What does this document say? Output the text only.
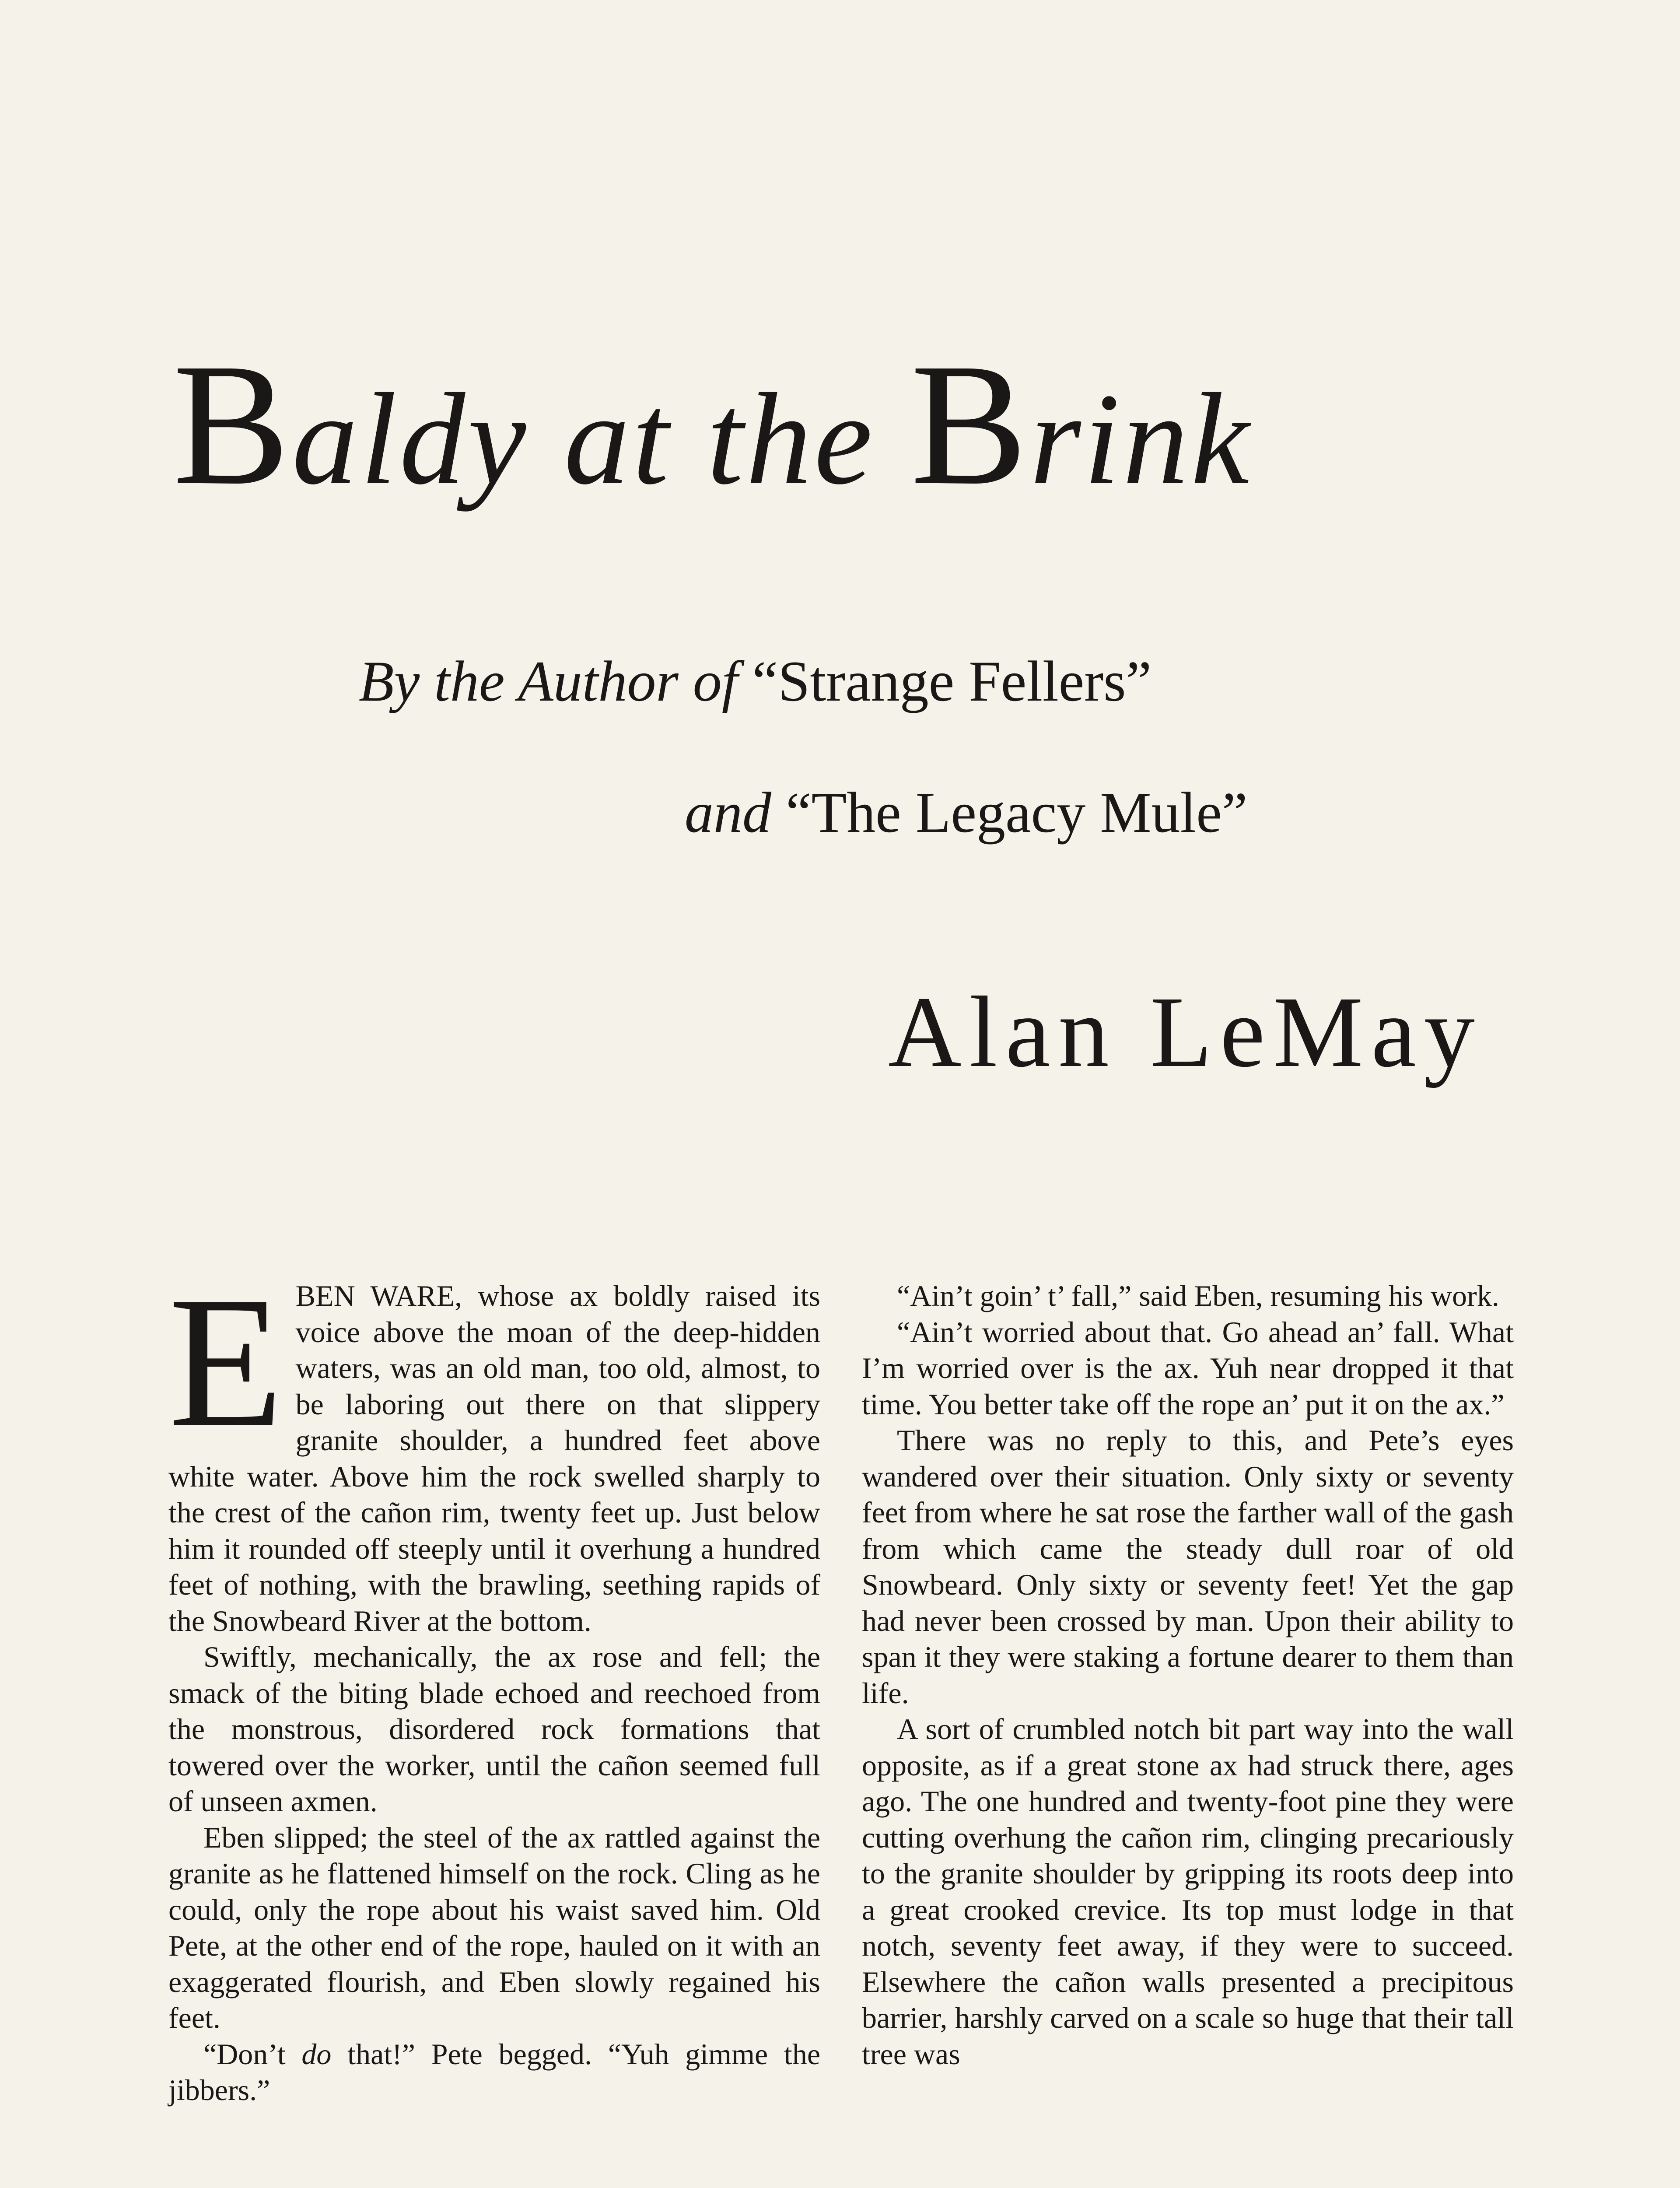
Baldy at the Brink
By the Author of “Strange Fellers”
and “The Legacy Mule”
Alan LeMay

EBEN WARE, whose ax boldly raised its voice above the moan of the deep-hidden waters, was an old man, too old, almost, to be laboring out there on that slippery granite shoulder, a hundred feet above white water. Above him the rock swelled sharply to the crest of the cañon rim, twenty feet up. Just below him it rounded off steeply until it overhung a hundred feet of nothing, with the brawling, seething rapids of the Snowbeard River at the bottom.

Swiftly, mechanically, the ax rose and fell; the smack of the biting blade echoed and reechoed from the monstrous, disordered rock formations that towered over the worker, until the cañon seemed full of unseen axmen.

Eben slipped; the steel of the ax rattled against the granite as he flattened himself on the rock. Cling as he could, only the rope about his waist saved him. Old Pete, at the other end of the rope, hauled on it with an exaggerated flourish, and Eben slowly regained his feet.

“Don’t do that!” Pete begged. “Yuh gimme the jibbers.”

“Ain’t goin’ t’ fall,” said Eben, resuming his work.

“Ain’t worried about that. Go ahead an’ fall. What I’m worried over is the ax. Yuh near dropped it that time. You better take off the rope an’ put it on the ax.”

There was no reply to this, and Pete’s eyes wandered over their situation. Only sixty or seventy feet from where he sat rose the farther wall of the gash from which came the steady dull roar of old Snowbeard. Only sixty or seventy feet! Yet the gap had never been crossed by man. Upon their ability to span it they were staking a fortune dearer to them than life.

A sort of crumbled notch bit part way into the wall opposite, as if a great stone ax had struck there, ages ago. The one hundred and twenty-foot pine they were cutting overhung the cañon rim, clinging precariously to the granite shoulder by gripping its roots deep into a great crooked crevice. Its top must lodge in that notch, seventy feet away, if they were to succeed. Elsewhere the cañon walls presented a precipitous barrier, harshly carved on a scale so huge that their tall tree was
